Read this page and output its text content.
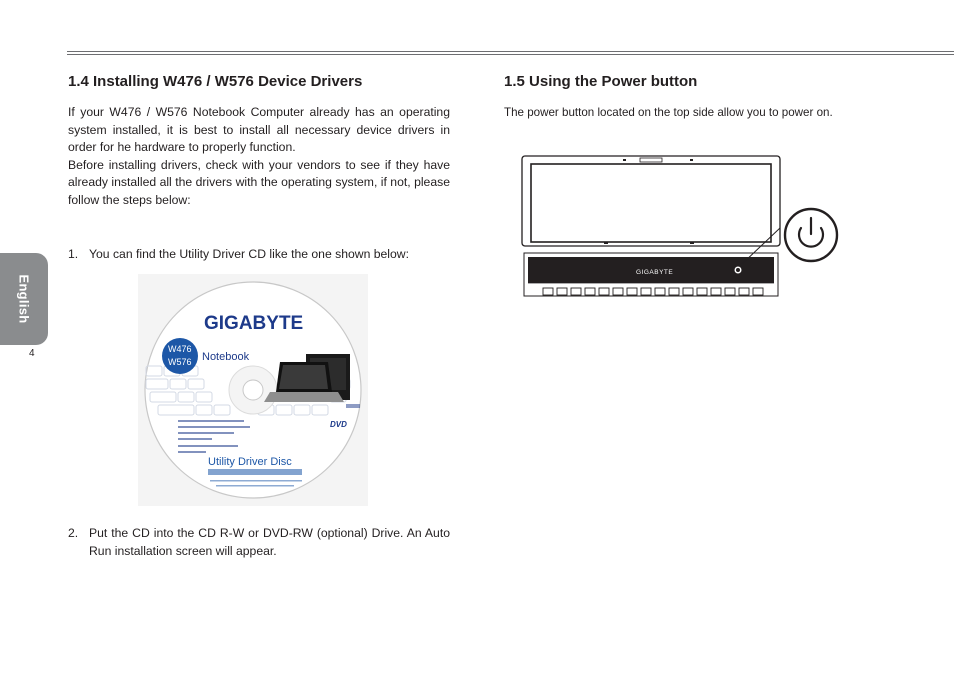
English
4
1.4 Installing W476 / W576 Device Drivers

If your W476 / W576 Notebook Computer already has an operating system installed, it is best to install all necessary device drivers in order for he hardware to properly function.

Before installing drivers, check with your vendors to see if they have already installed all the drivers with the operating system, if not, please follow the steps below:

1. You can find the Utility Driver CD like the one shown below:
GIGABYTE
W476
W576 Notebook
DVD
Utility Driver Disc
2. Put the CD into the CD R-W or DVD-RW (optional) Drive. An Auto Run installation screen will appear.
1.5 Using the Power button

The power button located on the top side allow you to power on.

GIGABYTE
